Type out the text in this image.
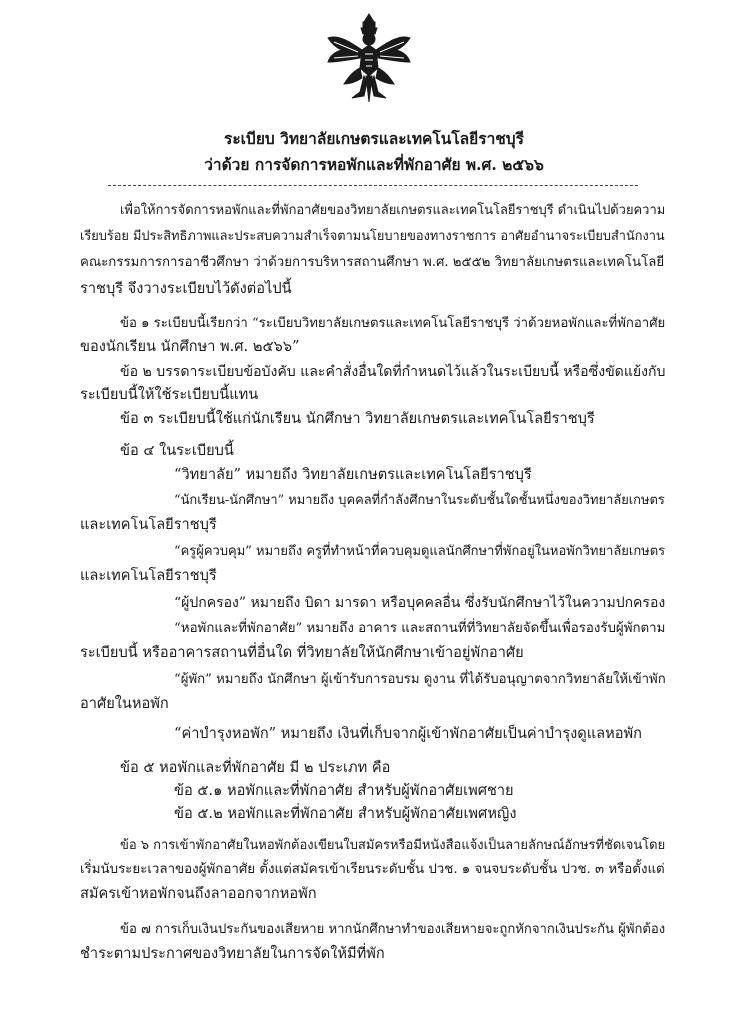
ระเบียบ วิทยาลัยเกษตรและเทคโนโลยีราชบุรี
ว่าด้วย การจัดการหอพักและที่พักอาศัย พ.ศ. ๒๕๖๖
เพื่อให้การจัดการหอพักและที่พักอาศัยของวิทยาลัยเกษตรและเทคโนโลยีราชบุรี ดำเนินไปด้วยความ
เรียบร้อย มีประสิทธิภาพและประสบความสำเร็จตามนโยบายของทางราชการ อาศัยอำนาจระเบียบสำนักงาน
คณะกรรมการการอาชีวศึกษา ว่าด้วยการบริหารสถานศึกษา พ.ศ. ๒๕๕๒ วิทยาลัยเกษตรและเทคโนโลยี
ราชบุรี จึงวางระเบียบไว้ดังต่อไปนี้
ข้อ ๑ ระเบียบนี้เรียกว่า “ระเบียบวิทยาลัยเกษตรและเทคโนโลยีราชบุรี ว่าด้วยหอพักและที่พักอาศัย
ของนักเรียน นักศึกษา พ.ศ. ๒๕๖๖”
ข้อ ๒ บรรดาระเบียบข้อบังคับ และคำสั่งอื่นใดที่กำหนดไว้แล้วในระเบียบนี้ หรือซึ่งขัดแย้งกับ
ระเบียบนี้ให้ใช้ระเบียบนี้แทน
ข้อ ๓ ระเบียบนี้ใช้แก่นักเรียน นักศึกษา วิทยาลัยเกษตรและเทคโนโลยีราชบุรี
ข้อ ๔ ในระเบียบนี้
“วิทยาลัย” หมายถึง วิทยาลัยเกษตรและเทคโนโลยีราชบุรี
“นักเรียน-นักศึกษา” หมายถึง บุคคลที่กำลังศึกษาในระดับชั้นใดชั้นหนึ่งของวิทยาลัยเกษตร
และเทคโนโลยีราชบุรี
“ครูผู้ควบคุม” หมายถึง ครูที่ทำหน้าที่ควบคุมดูแลนักศึกษาที่พักอยู่ในหอพักวิทยาลัยเกษตร
และเทคโนโลยีราชบุรี
“ผู้ปกครอง” หมายถึง บิดา มารดา หรือบุคคลอื่น ซึ่งรับนักศึกษาไว้ในความปกครอง
“หอพักและที่พักอาศัย” หมายถึง อาคาร และสถานที่ที่วิทยาลัยจัดขึ้นเพื่อรองรับผู้พักตาม
ระเบียบนี้ หรืออาคารสถานที่อื่นใด ที่วิทยาลัยให้นักศึกษาเข้าอยู่พักอาศัย
“ผู้พัก” หมายถึง นักศึกษา ผู้เข้ารับการอบรม ดูงาน ที่ได้รับอนุญาตจากวิทยาลัยให้เข้าพัก
อาศัยในหอพัก
“ค่าบำรุงหอพัก” หมายถึง เงินที่เก็บจากผู้เข้าพักอาศัยเป็นค่าบำรุงดูแลหอพัก
ข้อ ๕ หอพักและที่พักอาศัย มี ๒ ประเภท คือ
ข้อ ๕.๑ หอพักและที่พักอาศัย สำหรับผู้พักอาศัยเพศชาย
ข้อ ๕.๒ หอพักและที่พักอาศัย สำหรับผู้พักอาศัยเพศหญิง
ข้อ ๖ การเข้าพักอาศัยในหอพักต้องเขียนใบสมัครหรือมีหนังสือแจ้งเป็นลายลักษณ์อักษรที่ชัดเจนโดย
เริ่มนับระยะเวลาของผู้พักอาศัย ตั้งแต่สมัครเข้าเรียนระดับชั้น ปวช. ๑ จนจบระดับชั้น ปวช. ๓ หรือตั้งแต่
สมัครเข้าหอพักจนถึงลาออกจากหอพัก
ข้อ ๗ การเก็บเงินประกันของเสียหาย หากนักศึกษาทำของเสียหายจะถูกหักจากเงินประกัน ผู้พักต้อง
ชำระตามประกาศของวิทยาลัยในการจัดให้มีที่พัก
